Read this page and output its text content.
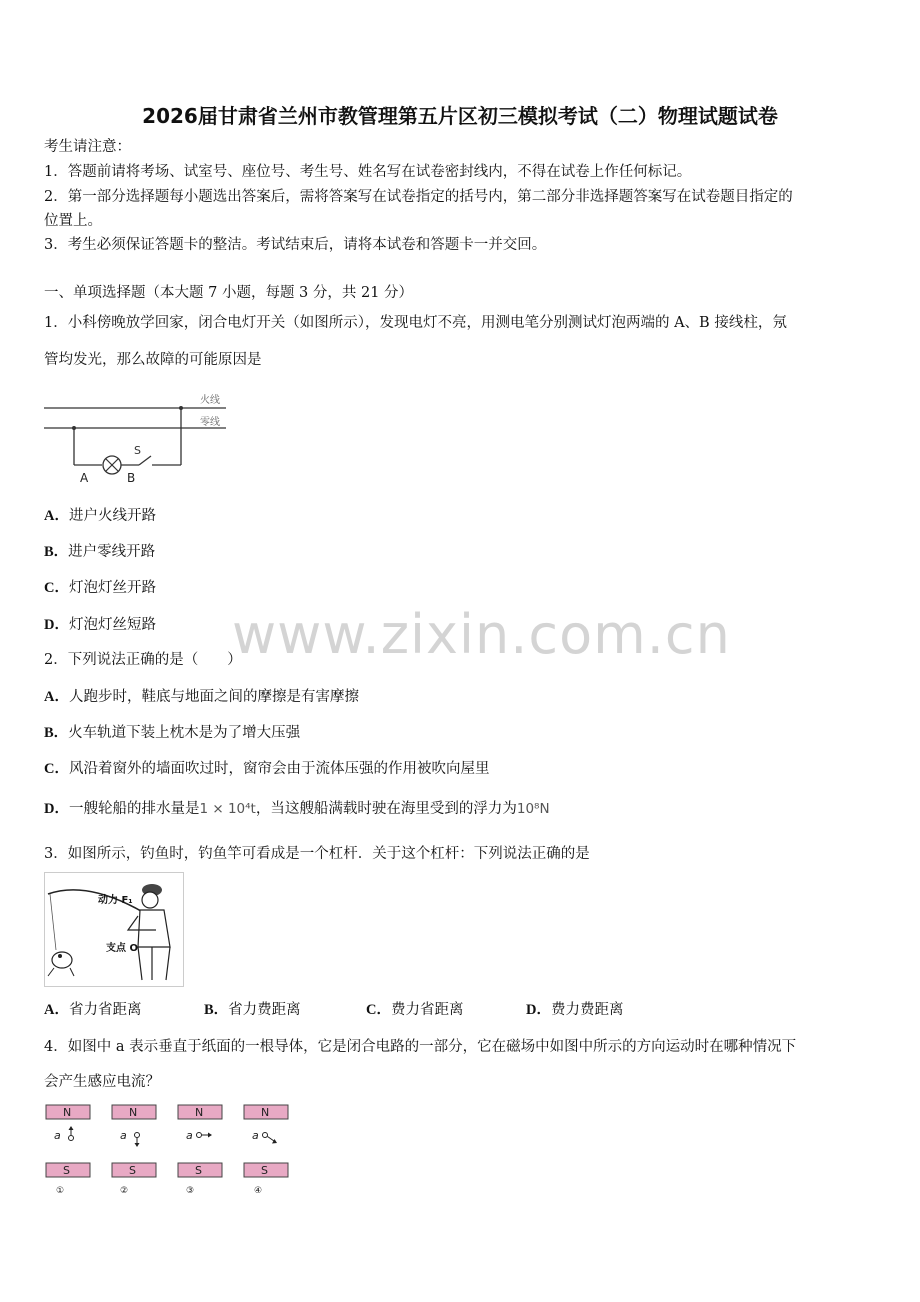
2026届甘肃省兰州市教管理第五片区初三模拟考试（二）物理试题试卷
考生请注意：
1．答题前请将考场、试室号、座位号、考生号、姓名写在试卷密封线内，不得在试卷上作任何标记。
2．第一部分选择题每小题选出答案后，需将答案写在试卷指定的括号内，第二部分非选择题答案写在试卷题目指定的
位置上。
3．考生必须保证答题卡的整洁。考试结束后，请将本试卷和答题卡一并交回。
一、单项选择题（本大题 7 小题，每题 3 分，共 21 分）
1．小科傍晚放学回家，闭合电灯开关（如图所示），发现电灯不亮，用测电笔分别测试灯泡两端的 A、B 接线柱，氖
管均发光，那么故障的可能原因是
火线
零线
S
A	B
A．进户火线开路
B．进户零线开路
C．灯泡灯丝开路
D．灯泡灯丝短路 www.zixin.com.cn
2．下列说法正确的是（　　）
A．人跑步时，鞋底与地面之间的摩擦是有害摩擦
B．火车轨道下装上枕木是为了增大压强
C．风沿着窗外的墙面吹过时，窗帘会由于流体压强的作用被吹向屋里
D．一艘轮船的排水量是1 × 10⁴t，当这艘船满载时驶在海里受到的浮力为10⁸N
3．如图所示，钓鱼时，钓鱼竿可看成是一个杠杆．关于这个杠杆：下列说法正确的是
动力 F₁
支点 O
A．省力省距离	B．省力费距离	C．费力省距离	D．费力费距离
4．如图中 a 表示垂直于纸面的一根导体，它是闭合电路的一部分，它在磁场中如图中所示的方向运动时在哪种情况下
会产生感应电流？
N
a
S
①
N
a
S
②
N
a
S
③
N
a
S
④
